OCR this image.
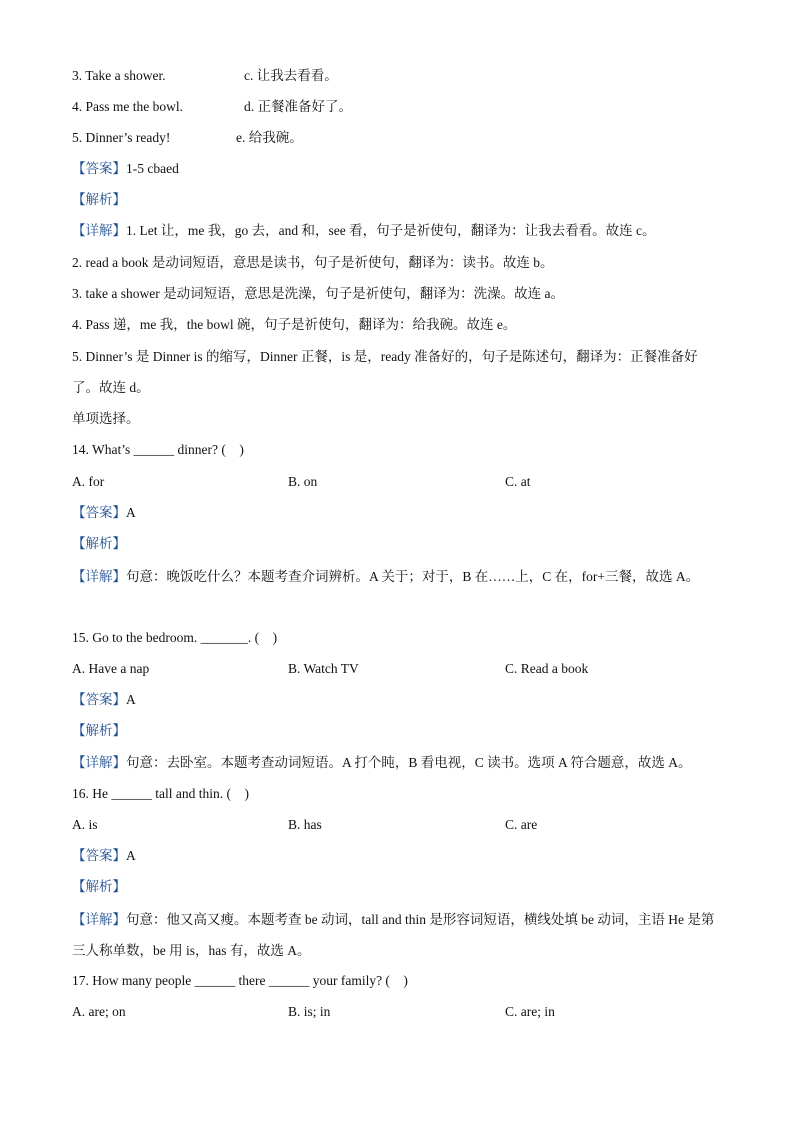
3. Take a shower.	c. 让我去看看。
4. Pass me the bowl.	d. 正餐准备好了。
5. Dinner’s ready!	e. 给我碗。
【答案】1-5 cbaed
【解析】
【详解】1. Let 让，me 我，go 去，and 和，see 看，句子是祈使句，翻译为：让我去看看。故连 c。
2. read a book 是动词短语，意思是读书，句子是祈使句，翻译为：读书。故连 b。
3. take a shower 是动词短语，意思是洗澡，句子是祈使句，翻译为：洗澡。故连 a。
4. Pass 递，me 我，the bowl 碗，句子是祈使句，翻译为：给我碗。故连 e。
5. Dinner’s 是 Dinner is 的缩写，Dinner 正餐，is 是，ready 准备好的，句子是陈述句，翻译为：正餐准备好了。故连 d。
单项选择。
14. What’s ______ dinner? (　)
A. for	B. on	C. at
【答案】A
【解析】
【详解】句意：晚饭吃什么？本题考查介词辨析。A 关于；对于，B 在……上，C 在，for+三餐，故选 A。
15. Go to the bedroom. _______. (　)
A. Have a nap	B. Watch TV	C. Read a book
【答案】A
【解析】
【详解】句意：去卧室。本题考查动词短语。A 打个盹，B 看电视，C 读书。选项 A 符合题意，故选 A。
16. He ______ tall and thin. (　)
A. is	B. has	C. are
【答案】A
【解析】
【详解】句意：他又高又瘦。本题考查 be 动词，tall and thin 是形容词短语，横线处填 be 动词，主语 He 是第三人称单数，be 用 is，has 有，故选 A。
17. How many people ______ there ______ your family? (　)
A. are; on	B. is; in	C. are; in
